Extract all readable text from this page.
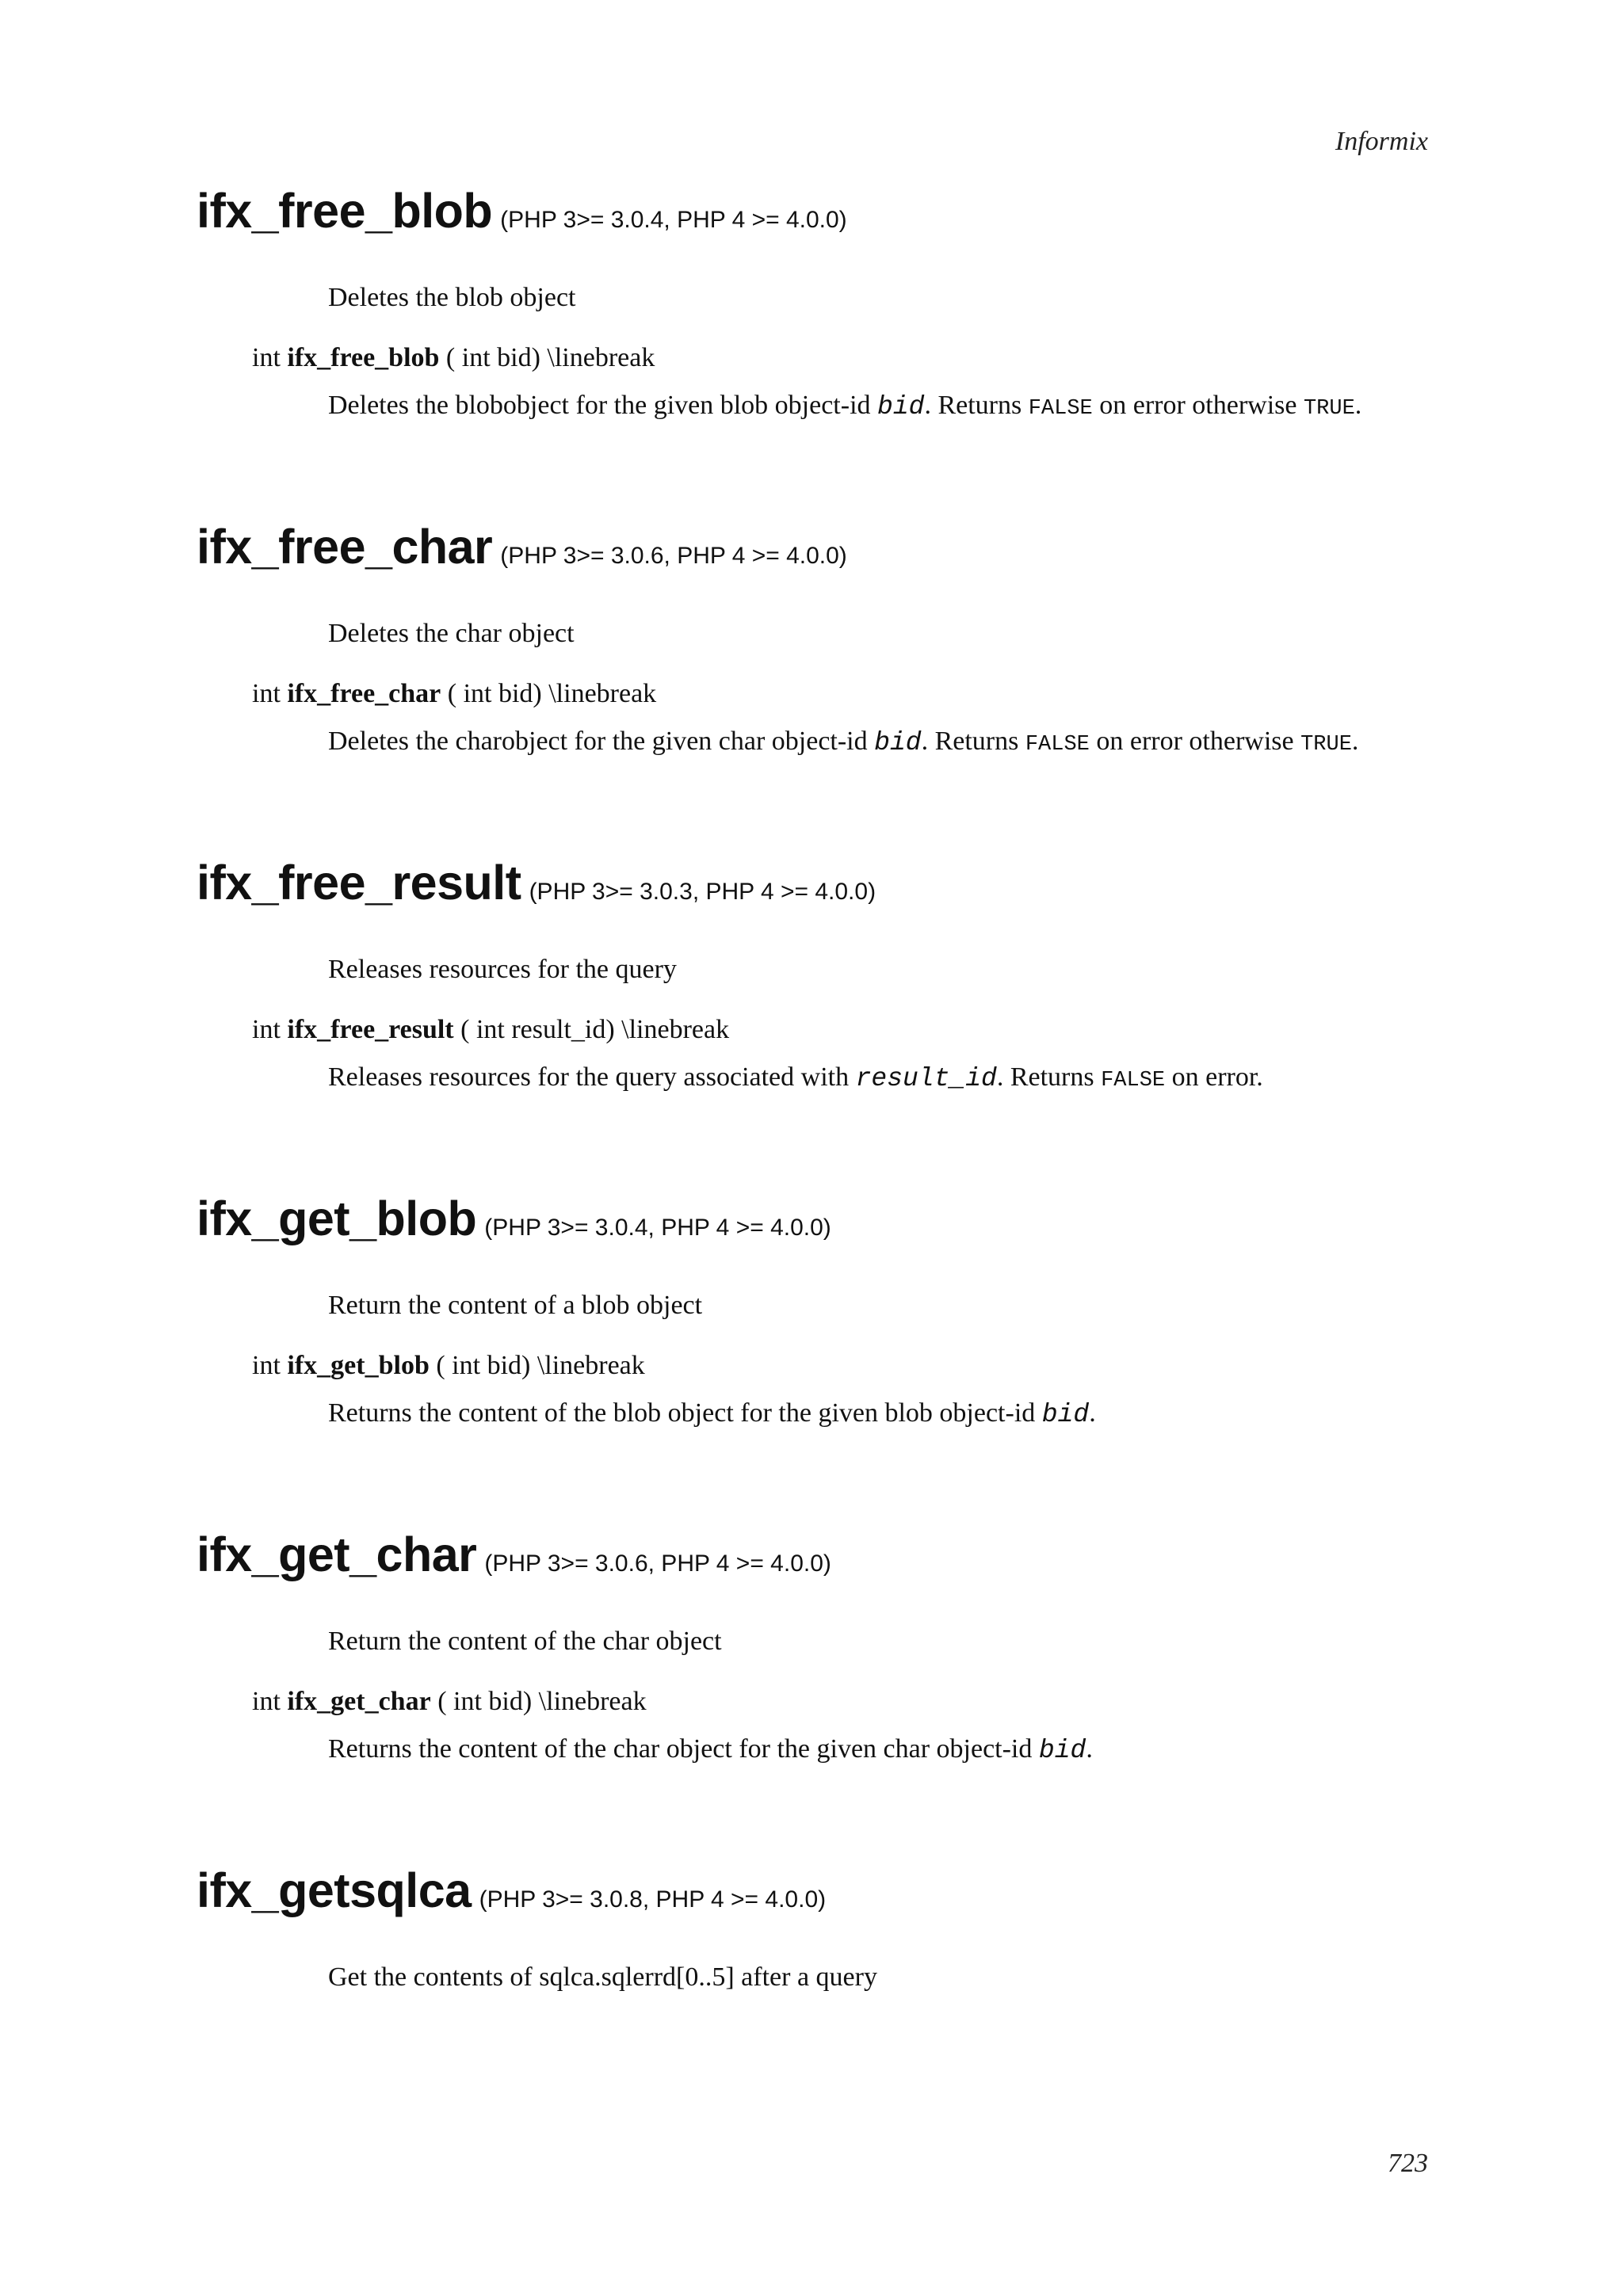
Informix
ifx_free_blob (PHP 3>= 3.0.4, PHP 4 >= 4.0.0)
Deletes the blob object
int ifx_free_blob ( int bid) \linebreak
Deletes the blobobject for the given blob object-id bid. Returns FALSE on error otherwise TRUE.
ifx_free_char (PHP 3>= 3.0.6, PHP 4 >= 4.0.0)
Deletes the char object
int ifx_free_char ( int bid) \linebreak
Deletes the charobject for the given char object-id bid. Returns FALSE on error otherwise TRUE.
ifx_free_result (PHP 3>= 3.0.3, PHP 4 >= 4.0.0)
Releases resources for the query
int ifx_free_result ( int result_id) \linebreak
Releases resources for the query associated with result_id. Returns FALSE on error.
ifx_get_blob (PHP 3>= 3.0.4, PHP 4 >= 4.0.0)
Return the content of a blob object
int ifx_get_blob ( int bid) \linebreak
Returns the content of the blob object for the given blob object-id bid.
ifx_get_char (PHP 3>= 3.0.6, PHP 4 >= 4.0.0)
Return the content of the char object
int ifx_get_char ( int bid) \linebreak
Returns the content of the char object for the given char object-id bid.
ifx_getsqlca (PHP 3>= 3.0.8, PHP 4 >= 4.0.0)
Get the contents of sqlca.sqlerrd[0..5] after a query
723
